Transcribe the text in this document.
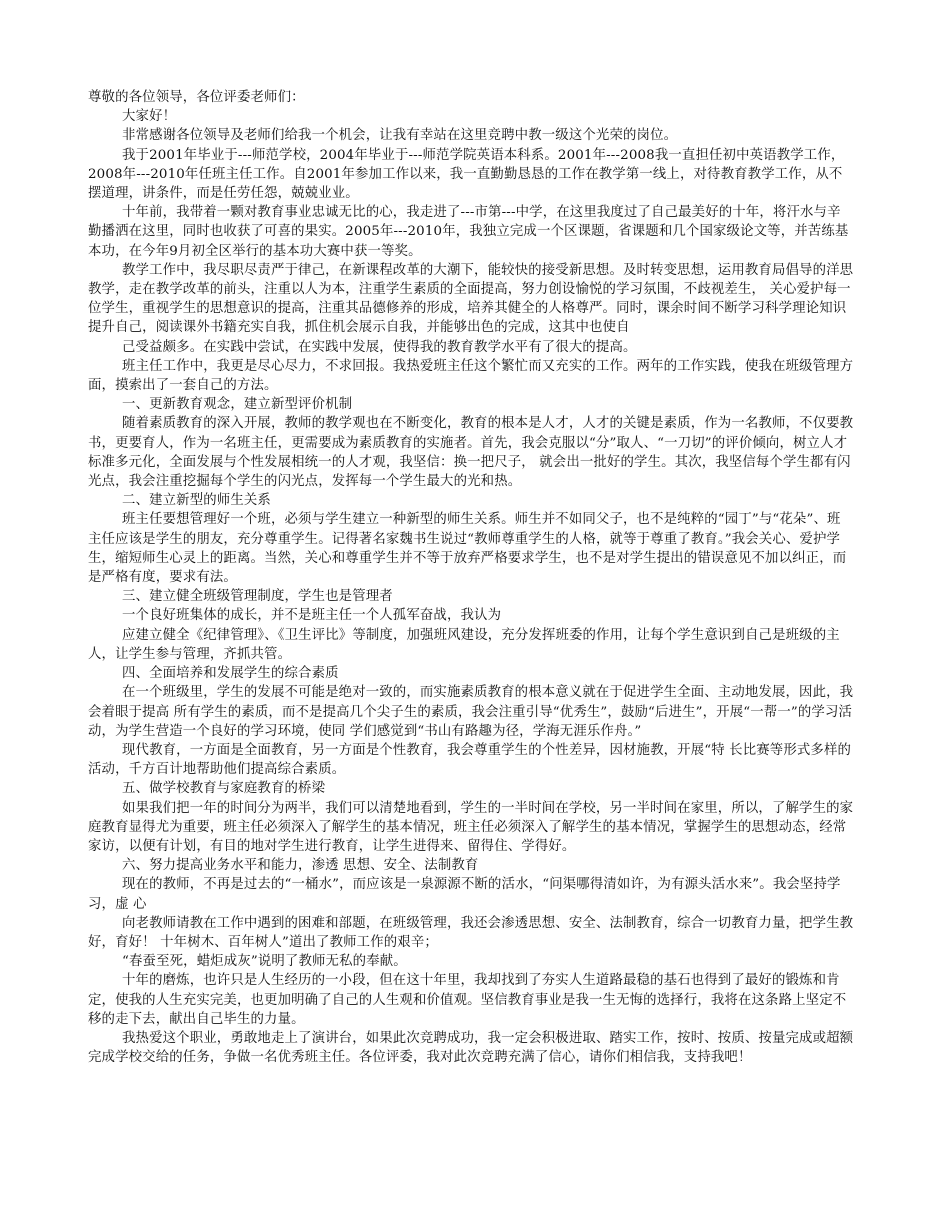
尊敬的各位领导，各位评委老师们：

大家好！

非常感谢各位领导及老师们给我一个机会，让我有幸站在这里竞聘中教一级这个光荣的岗位。

我于2001年毕业于---师范学校，2004年毕业于---师范学院英语本科系。2001年---2008我一直担任初中英语教学工作，2008年---2010年任班主任工作。自2001年参加工作以来，我一直勤勤恳恳的工作在教学第一线上，对待教育教学工作，从不摆道理，讲条件，而是任劳任怨，兢兢业业。

十年前，我带着一颗对教育事业忠诚无比的心，我走进了---市第---中学，在这里我度过了自己最美好的十年，将汗水与辛勤播洒在这里，同时也收获了可喜的果实。2005年---2010年，我独立完成一个区课题，省课题和几个国家级论文等，并苦练基本功，在今年9月初全区举行的基本功大赛中获一等奖。

教学工作中，我尽职尽责严于律己，在新课程改革的大潮下，能较快的接受新思想。及时转变思想，运用教育局倡导的洋思教学，走在教学改革的前头，注重以人为本，注重学生素质的全面提高，努力创设愉悦的学习氛围，不歧视差生， 关心爱护每一位学生，重视学生的思想意识的提高，注重其品德修养的形成，培养其健全的人格尊严。同时，课余时间不断学习科学理论知识提升自己，阅读课外书籍充实自我，抓住机会展示自我，并能够出色的完成，这其中也使自

己受益颇多。在实践中尝试，在实践中发展，使得我的教育教学水平有了很大的提高。

班主任工作中，我更是尽心尽力，不求回报。我热爱班主任这个繁忙而又充实的工作。两年的工作实践，使我在班级管理方面，摸索出了一套自己的方法。

一、更新教育观念，建立新型评价机制

随着素质教育的深入开展，教师的教学观也在不断变化，教育的根本是人才，人才的关键是素质，作为一名教师，不仅要教书，更要育人，作为一名班主任，更需要成为素质教育的实施者。首先，我会克服以“分”取人、“一刀切”的评价倾向，树立人才标准多元化，全面发展与个性发展相统一的人才观，我坚信：换一把尺子， 就会出一批好的学生。其次，我坚信每个学生都有闪光点，我会注重挖掘每个学生的闪光点，发挥每一个学生最大的光和热。

二、建立新型的师生关系

班主任要想管理好一个班，必须与学生建立一种新型的师生关系。师生并不如同父子，也不是纯粹的“园丁”与“花朵”、班主任应该是学生的朋友，充分尊重学生。记得著名家魏书生说过“教师尊重学生的人格，就等于尊重了教育。”我会关心、爱护学生，缩短师生心灵上的距离。当然，关心和尊重学生并不等于放弃严格要求学生，也不是对学生提出的错误意见不加以纠正，而是严格有度，要求有法。

三、建立健全班级管理制度，学生也是管理者

一个良好班集体的成长，并不是班主任一个人孤军奋战，我认为

应建立健全《纪律管理》、《卫生评比》等制度，加强班风建设，充分发挥班委的作用，让每个学生意识到自己是班级的主人，让学生参与管理，齐抓共管。

四、全面培养和发展学生的综合素质

在一个班级里，学生的发展不可能是绝对一致的，而实施素质教育的根本意义就在于促进学生全面、主动地发展，因此，我会着眼于提高 所有学生的素质，而不是提高几个尖子生的素质，我会注重引导“优秀生”，鼓励“后进生”，开展“一帮一”的学习活动，为学生营造一个良好的学习环境，使同 学们感觉到“书山有路趣为径，学海无涯乐作舟。”

现代教育，一方面是全面教育，另一方面是个性教育，我会尊重学生的个性差异，因材施教，开展“特 长比赛等形式多样的活动，千方百计地帮助他们提高综合素质。

五、做学校教育与家庭教育的桥梁

如果我们把一年的时间分为两半，我们可以清楚地看到，学生的一半时间在学校，另一半时间在家里，所以，了解学生的家庭教育显得尤为重要，班主任必须深入了解学生的基本情况，班主任必须深入了解学生的基本情况，掌握学生的思想动态，经常家访，以便有计划，有目的地对学生进行教育，让学生进得来、留得住、学得好。

六、努力提高业务水平和能力，渗透 思想、安全、法制教育

现在的教师，不再是过去的“一桶水”，而应该是一泉源源不断的活水，“问渠哪得清如许，为有源头活水来”。我会坚持学习，虚 心

向老教师请教在工作中遇到的困难和部题，在班级管理，我还会渗透思想、安全、法制教育，综合一切教育力量，把学生教好，育好！ 十年树木、百年树人”道出了教师工作的艰辛；

“春蚕至死，蜡炬成灰”说明了教师无私的奉献。

十年的磨炼，也许只是人生经历的一小段，但在这十年里，我却找到了夯实人生道路最稳的基石也得到了最好的锻炼和肯定，使我的人生充实完美，也更加明确了自己的人生观和价值观。坚信教育事业是我一生无悔的选择行，我将在这条路上坚定不移的走下去，献出自己毕生的力量。

我热爱这个职业，勇敢地走上了演讲台，如果此次竞聘成功，我一定会积极进取、踏实工作，按时、按质、按量完成或超额完成学校交给的任务，争做一名优秀班主任。各位评委，我对此次竞聘充满了信心，请你们相信我，支持我吧！
